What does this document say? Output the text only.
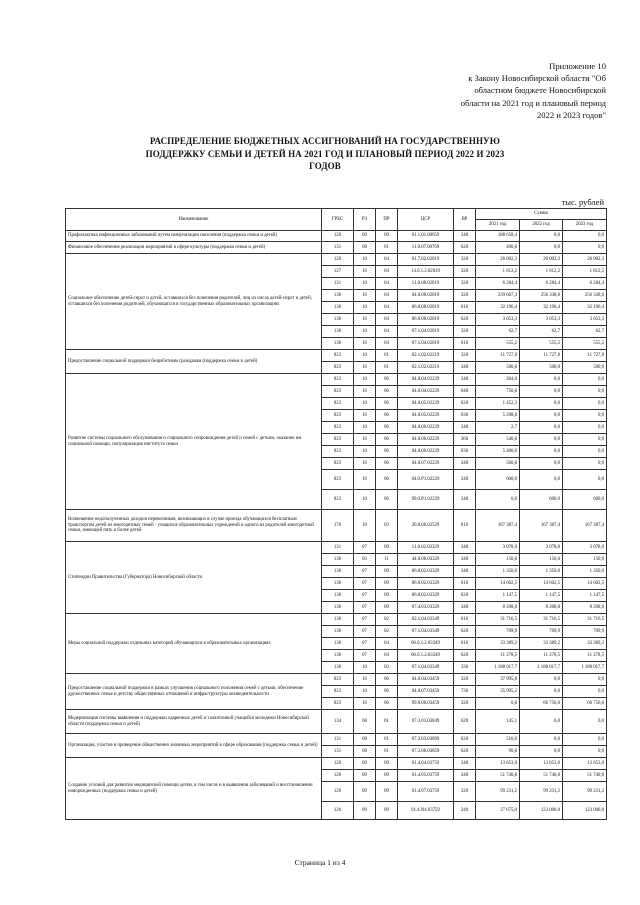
Приложение 10
к Закону Новосибирской области "Об
областном бюджете Новосибирской
области на 2021 год и плановый период
2022 и 2023 годов"
РАСПРЕДЕЛЕНИЕ БЮДЖЕТНЫХ АССИГНОВАНИЙ НА ГОСУДАРСТВЕННУЮ
ПОДДЕРЖКУ СЕМЬИ И ДЕТЕЙ НА 2021 ГОД И ПЛАНОВЫЙ ПЕРИОД 2022 И 2023
ГОДОВ
тыс. рублей
Наименование	ГРБС	РЗ	ПР	ЦСР	ВР	Сумма		
						2021 год	2022 год	2023 год
Профилактика инфекционных заболеваний путем иммунизации населения (поддержка семьи и детей)	126	09	09	01.1.01.00059	240	188 658,4	0,0	0,0
Финансовое обеспечение реализации мероприятий в сфере культуры (поддержка семьи и детей)	131	08	01	11.0.07.00769	620	400,0	0,0	0,0
Социальное обеспечение детей-сирот и детей, оставшихся без попечения родителей, лиц из числа детей-сирот и детей, оставшихся без попечения родителей, обучающихся в государственных образовательных организациях	126	10	04	01.7.02.02019	320	26 002,3	26 002,3	26 002,3
	127	10	04	14.0.1.2.02019	320	1 812,2	1 812,2	1 812,2
	131	10	04	11.0.08.02019	320	6 284,4	6 284,4	6 284,4
	136	10	04	04.0.08.02019	320	239 667,3	256 338,6	256 338,6
	136	10	04	06.0.08.02019	610	32 196,4	32 196,4	32 196,4
	136	10	04	06.0.08.02019	620	3 053,3	3 053,3	3 053,3
	136	10	04	07.1.04.02019	320	62,7	62,7	62,7
	136	10	04	07.1.04.02019	610	555,2	555,2	555,2
Предоставление социальной поддержки безработным гражданам (поддержка семьи и детей)	023	10	01	02.1.02.02219	320	11 727,8	11 727,8	11 727,8
	023	10	01	02.1.02.02219	340	500,0	500,0	500,0
Развитие системы социального обслуживания и социального сопровождения детей и семей с детьми, оказание им социальной помощи, популяризация института семьи	023	10	06	04.0.04.02229	240	304,0	0,0	0,0
	023	10	06	04.0.04.02229	640	750,0	0,0	0,0
	023	10	06	04.0.05.02229	620	1 452,3	0,0	0,0
	023	10	06	04.0.05.02229	630	5 298,8	0,0	0,0
	023	10	06	04.0.06.02229	240	2,7	0,0	0,0
	023	10	06	04.0.06.02229	360	540,0	0,0	0,0
	023	10	06	04.0.06.02229	630	5 400,0	0,0	0,0
	023	10	06	04.0.07.02229	240	560,0	0,0	0,0
	023	10	06	04.0.P1.02229	240	600,0	0,0	0,0
	023	10	06	99.0.P1.02229	240	0,0	600,0	600,0
Возмещение недополученных доходов перевозчиков, возникающих в случае проезда обучающихся бесплатным транспортом детей из многодетных семей - учащихся образовательных учреждений и одного из родителей многодетной семьи, имеющей пять и более детей	176	10	03	20.0.06.02529	810	167 387,4	167 387,4	167 387,4
Стипендии Правительства (Губернатора) Новосибирской области	131	07	09	11.0.02.03329	340	3 078,0	3 078,0	3 078,0
	136	03	11	44.0.06.03329	340	150,0	150,0	150,0
	136	07	09	06.0.02.03329	340	1 350,0	1 350,0	1 350,0
	136	07	09	06.0.02.03329	610	14 602,5	14 602,5	14 602,5
	136	07	09	06.0.02.03329	620	1 147,5	1 147,5	1 147,5
	136	07	09	07.4.03.03329	340	8 208,0	8 208,0	8 208,0
Меры социальной поддержки отдельных категорий обучающихся в образовательных организациях	136	07	02	02.1.04.03349	610	31 716,5	31 716,5	31 716,5
	136	07	02	07.1.04.03349	620	709,9	709,9	709,9
	136	07	04	06.0.1.2.03349	610	33 389,2	33 389,2	33 389,2
	136	07	04	06.0.1.2.03349	620	11 278,5	11 278,5	11 278,5
	136	10	03	07.1.04.03349	330	1 188 017,7	1 188 017,7	1 188 017,7
Предоставление социальной поддержки в рамках улучшения социального положения семей с детьми, обеспечение дружественных семье и детству общественных отношений и инфраструктуры жизнедеятельности	023	10	06	04.0.04.03459	320	37 995,8	0,0	0,0
	023	10	06	04.0.07.03459	730	35 995,2	0,0	0,0
	023	10	06	99.0.00.03459	320	0,0	66 756,0	66 756,0
Модернизация системы выявления и поддержки одаренных детей и талантливой учащейся молодежи Новосибирской области (поддержка семьи и детей)	134	08	01	07.3.03.03849	620	145,1	0,0	0,0
Организация, участие в проведение общественно значимых мероприятий в сфере образования (поддержка семьи и детей)	131	08	01	07.3.03.03899	620	510,0	0,0	0,0
	131	08	01	07.3.06.03859	620	90,0	0,0	0,0
Создание условий для развития медицинской помощи детям, в том числе и в выявлении заболеваний и восстановлении новорожденных (поддержка семьи и детей)	126	09	09	01.4.04.03759	240	13 853,0	13 853,0	13 853,0
	126	09	09	01.4.05.03759	240	51 740,8	51 740,8	51 740,8
	126	09	09	01.4.07.03759	320	99 231,2	99 231,2	99 231,2
	126	09	09	01.4.N4.03759	240	27 675,0	123 000,0	123 000,0
Страница 1 из 4
